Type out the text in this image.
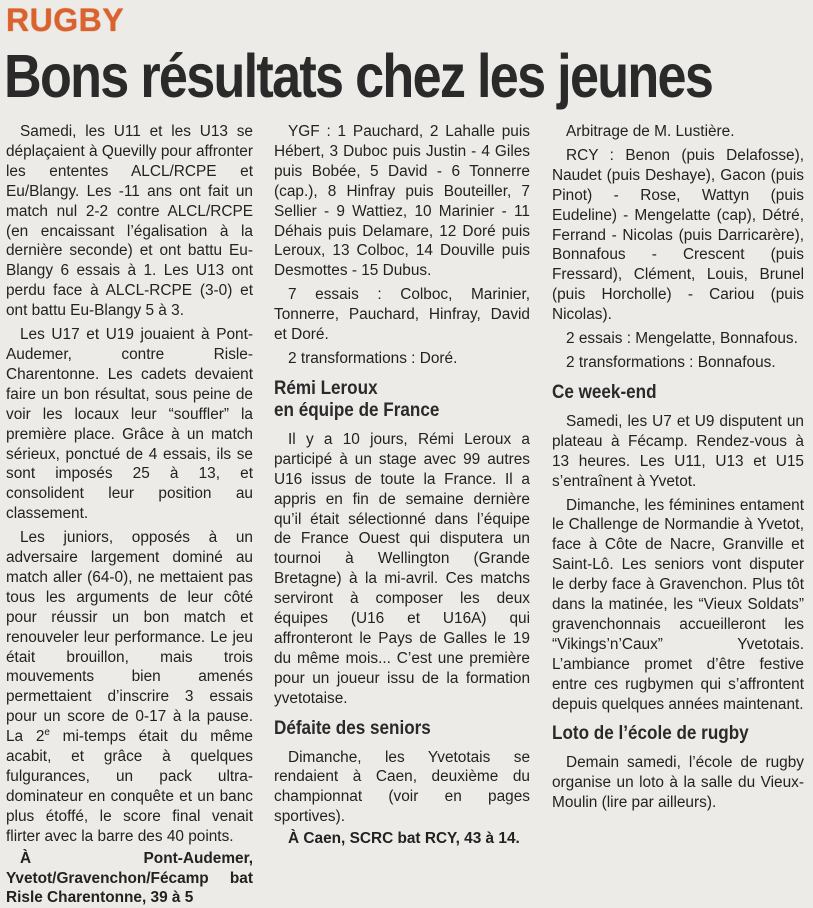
RUGBY
Bons résultats chez les jeunes

Samedi, les U11 et les U13 se déplaçaient à Quevilly pour affronter les ententes ALCL/RCPE et Eu/Blangy. Les -11 ans ont fait un match nul 2-2 contre ALCL/RCPE (en encaissant l’égalisation à la dernière seconde) et ont battu Eu-Blangy 6 essais à 1. Les U13 ont perdu face à ALCL-RCPE (3-0) et ont battu Eu-Blangy 5 à 3.

Les U17 et U19 jouaient à Pont-Audemer, contre Risle-Charentonne. Les cadets devaient faire un bon résultat, sous peine de voir les locaux leur “souffler” la première place. Grâce à un match sérieux, ponctué de 4 essais, ils se sont imposés 25 à 13, et consolident leur position au classement.

Les juniors, opposés à un adversaire largement dominé au match aller (64-0), ne mettaient pas tous les arguments de leur côté pour réussir un bon match et renouveler leur performance. Le jeu était brouillon, mais trois mouvements bien amenés permettaient d’inscrire 3 essais pour un score de 0-17 à la pause. La 2e mi-temps était du même acabit, et grâce à quelques fulgurances, un pack ultra-dominateur en conquête et un banc plus étoffé, le score final venait flirter avec la barre des 40 points.

À Pont-Audemer, Yvetot/Gravenchon/Fécamp bat Risle Charentonne, 39 à 5

YGF : 1 Pauchard, 2 Lahalle puis Hébert, 3 Duboc puis Justin - 4 Giles puis Bobée, 5 David - 6 Tonnerre (cap.), 8 Hinfray puis Bouteiller, 7 Sellier - 9 Wattiez, 10 Marinier - 11 Déhais puis Delamare, 12 Doré puis Leroux, 13 Colboc, 14 Douville puis Desmottes - 15 Dubus.

7 essais : Colboc, Marinier, Tonnerre, Pauchard, Hinfray, David et Doré.

2 transformations : Doré.

Rémi Leroux
en équipe de France

Il y a 10 jours, Rémi Leroux a participé à un stage avec 99 autres U16 issus de toute la France. Il a appris en fin de semaine dernière qu’il était sélectionné dans l’équipe de France Ouest qui disputera un tournoi à Wellington (Grande Bretagne) à la mi-avril. Ces matchs serviront à composer les deux équipes (U16 et U16A) qui affronteront le Pays de Galles le 19 du même mois... C’est une première pour un joueur issu de la formation yvetotaise.

Défaite des seniors

Dimanche, les Yvetotais se rendaient à Caen, deuxième du championnat (voir en pages sportives).

À Caen, SCRC bat RCY, 43 à 14.

Arbitrage de M. Lustière.

RCY : Benon (puis Delafosse), Naudet (puis Deshaye), Gacon (puis Pinot) - Rose, Wattyn (puis Eudeline) - Mengelatte (cap), Détré, Ferrand - Nicolas (puis Darricarère), Bonnafous - Crescent (puis Fressard), Clément, Louis, Brunel (puis Horcholle) - Cariou (puis Nicolas).

2 essais : Mengelatte, Bonnafous.

2 transformations : Bonnafous.

Ce week-end

Samedi, les U7 et U9 disputent un plateau à Fécamp. Rendez-vous à 13 heures. Les U11, U13 et U15 s’entraînent à Yvetot.

Dimanche, les féminines entament le Challenge de Normandie à Yvetot, face à Côte de Nacre, Granville et Saint-Lô. Les seniors vont disputer le derby face à Gravenchon. Plus tôt dans la matinée, les “Vieux Soldats” gravenchonnais accueilleront les “Vikings’n’Caux” Yvetotais. L’ambiance promet d’être festive entre ces rugbymen qui s’affrontent depuis quelques années maintenant.

Loto de l’école de rugby

Demain samedi, l’école de rugby organise un loto à la salle du Vieux-Moulin (lire par ailleurs).
